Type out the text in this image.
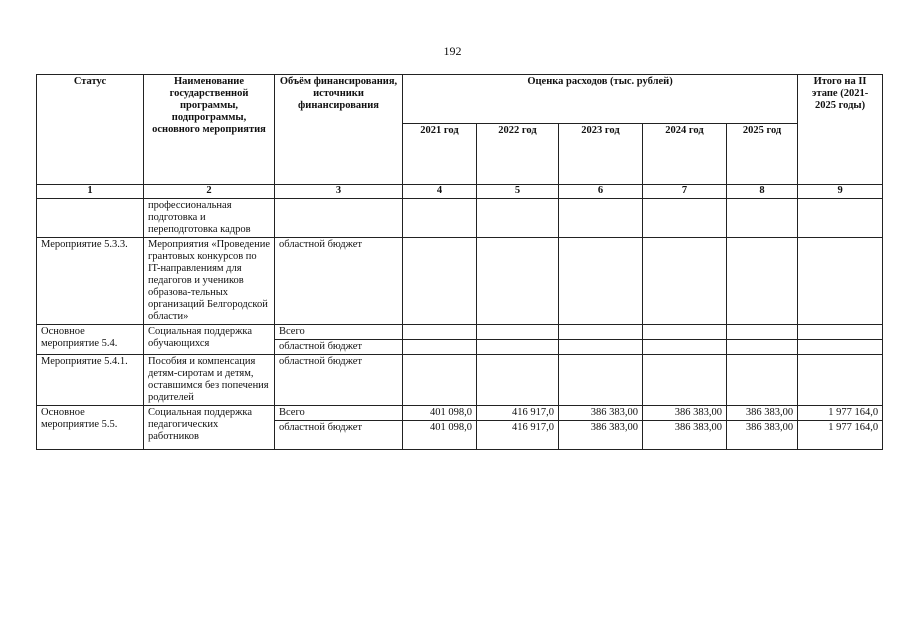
192
Статус	Наименование государственной программы, подпрограммы, основного мероприятия	Объём финансирования, источники финансирования	Оценка расходов (тыс. рублей)					Итого на II этапе (2021-2025 годы)
			2021 год	2022 год	2023 год	2024 год	2025 год	
1	2	3	4	5	6	7	8	9
	профессиональная подготовка и переподготовка кадров							
Мероприятие 5.3.3.	Мероприятия «Проведение грантовых конкурсов по IT-направлениям для педагогов и учеников образова-тельных организаций Белгородской области»	областной бюджет						
Основное мероприятие 5.4.	Социальная поддержка обучающихся	Всего						
		областной бюджет						
Мероприятие 5.4.1.	Пособия и компенсация детям-сиротам и детям, оставшимся без попечения родителей	областной бюджет						
Основное мероприятие 5.5.	Социальная поддержка педагогических работников	Всего	401 098,0	416 917,0	386 383,00	386 383,00	386 383,00	1 977 164,0
		областной бюджет	401 098,0	416 917,0	386 383,00	386 383,00	386 383,00	1 977 164,0
